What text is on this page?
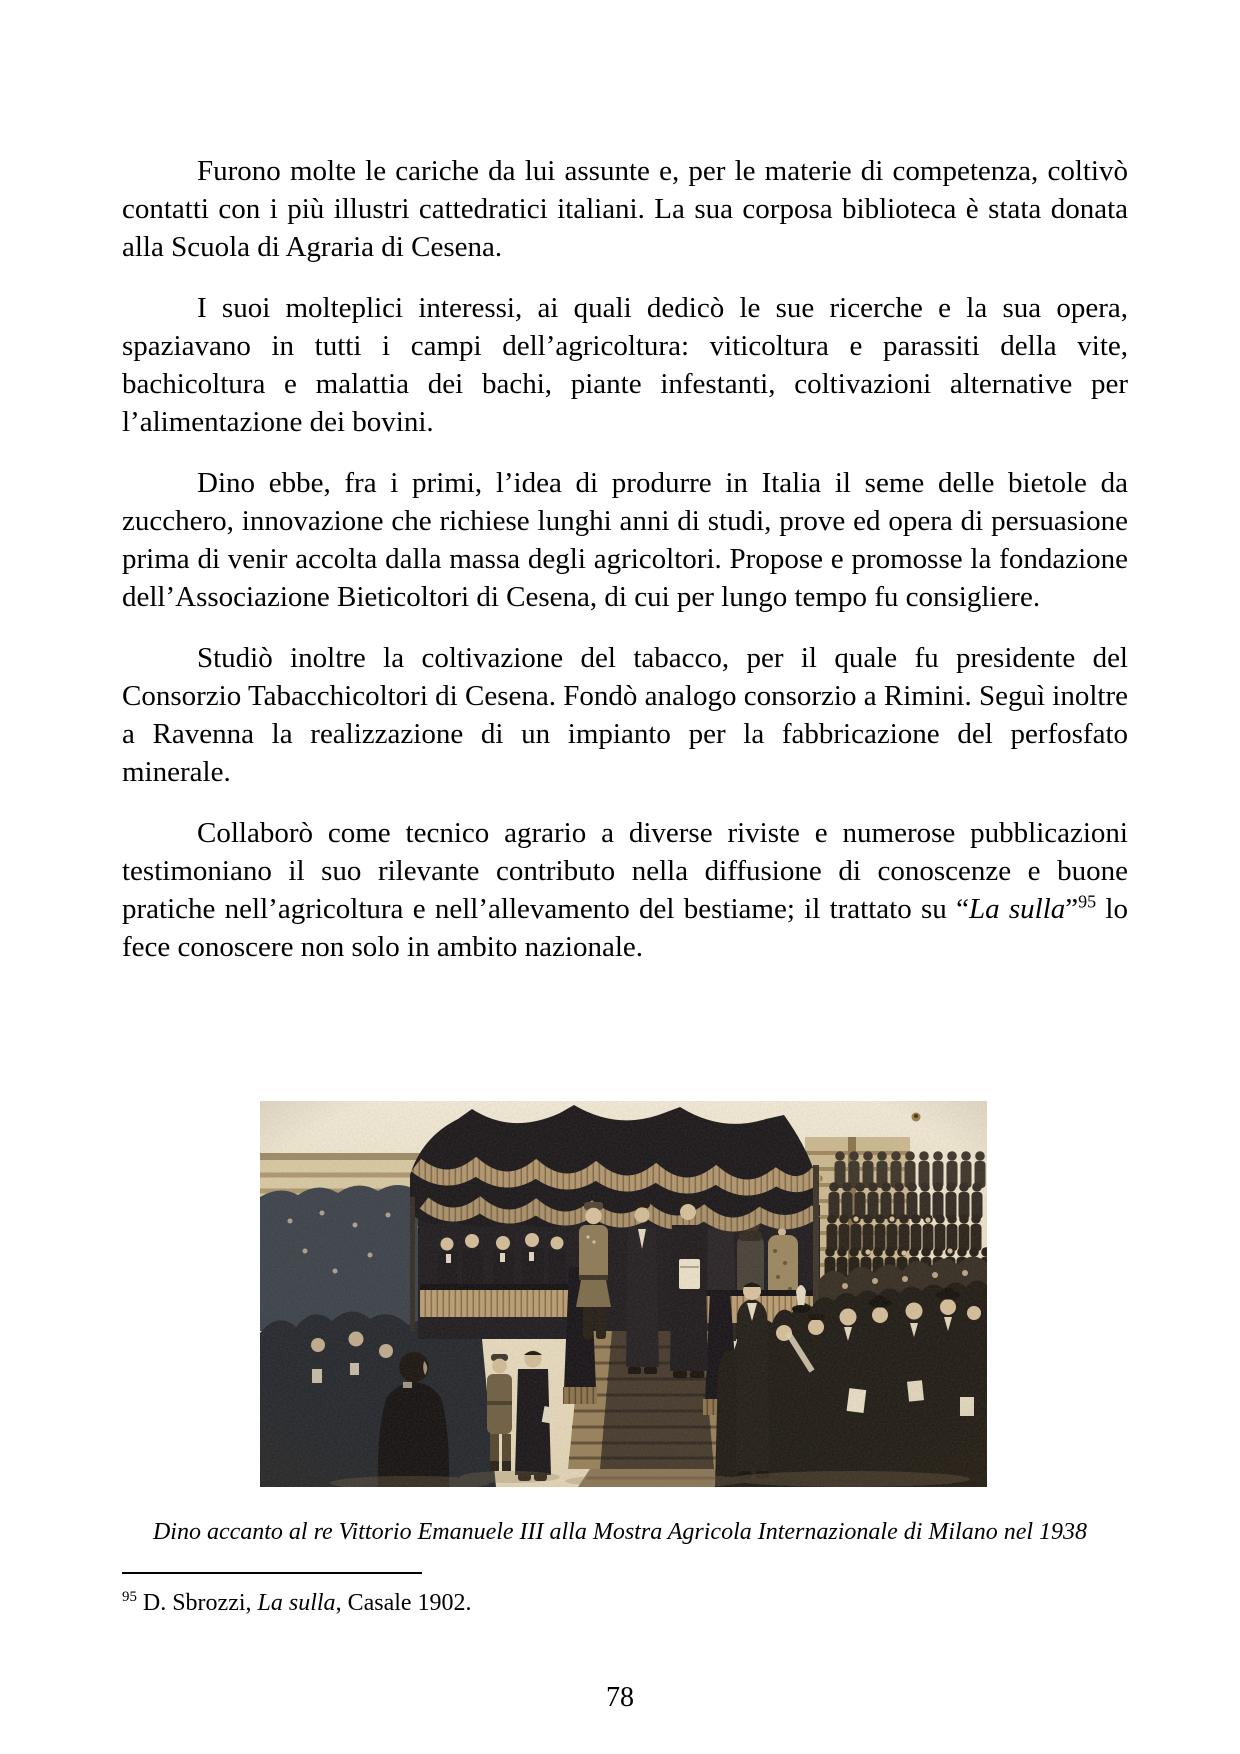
Furono molte le cariche da lui assunte e, per le materie di competenza, coltivò contatti con i più illustri cattedratici italiani. La sua corposa biblioteca è stata donata alla Scuola di Agraria di Cesena.

I suoi molteplici interessi, ai quali dedicò le sue ricerche e la sua opera, spaziavano in tutti i campi dell’agricoltura: viticoltura e parassiti della vite, bachicoltura e malattia dei bachi, piante infestanti, coltivazioni alternative per l’alimentazione dei bovini.

Dino ebbe, fra i primi, l’idea di produrre in Italia il seme delle bietole da zucchero, innovazione che richiese lunghi anni di studi, prove ed opera di persuasione prima di venir accolta dalla massa degli agricoltori. Propose e promosse la fondazione dell’Associazione Bieticoltori di Cesena, di cui per lungo tempo fu consigliere.

Studiò inoltre la coltivazione del tabacco, per il quale fu presidente del Consorzio Tabacchicoltori di Cesena. Fondò analogo consorzio a Rimini. Seguì inoltre a Ravenna la realizzazione di un impianto per la fabbricazione del perfosfato minerale.

Collaborò come tecnico agrario a diverse riviste e numerose pubblicazioni testimoniano il suo rilevante contributo nella diffusione di conoscenze e buone pratiche nell’agricoltura e nell’allevamento del bestiame; il trattato su “La sulla”$^{95}$ lo fece conoscere non solo in ambito nazionale.

Dino accanto al re Vittorio Emanuele III alla Mostra Agricola Internazionale di Milano nel 1938
$^{95}$ D. Sbrozzi, La sulla, Casale 1902.
78
